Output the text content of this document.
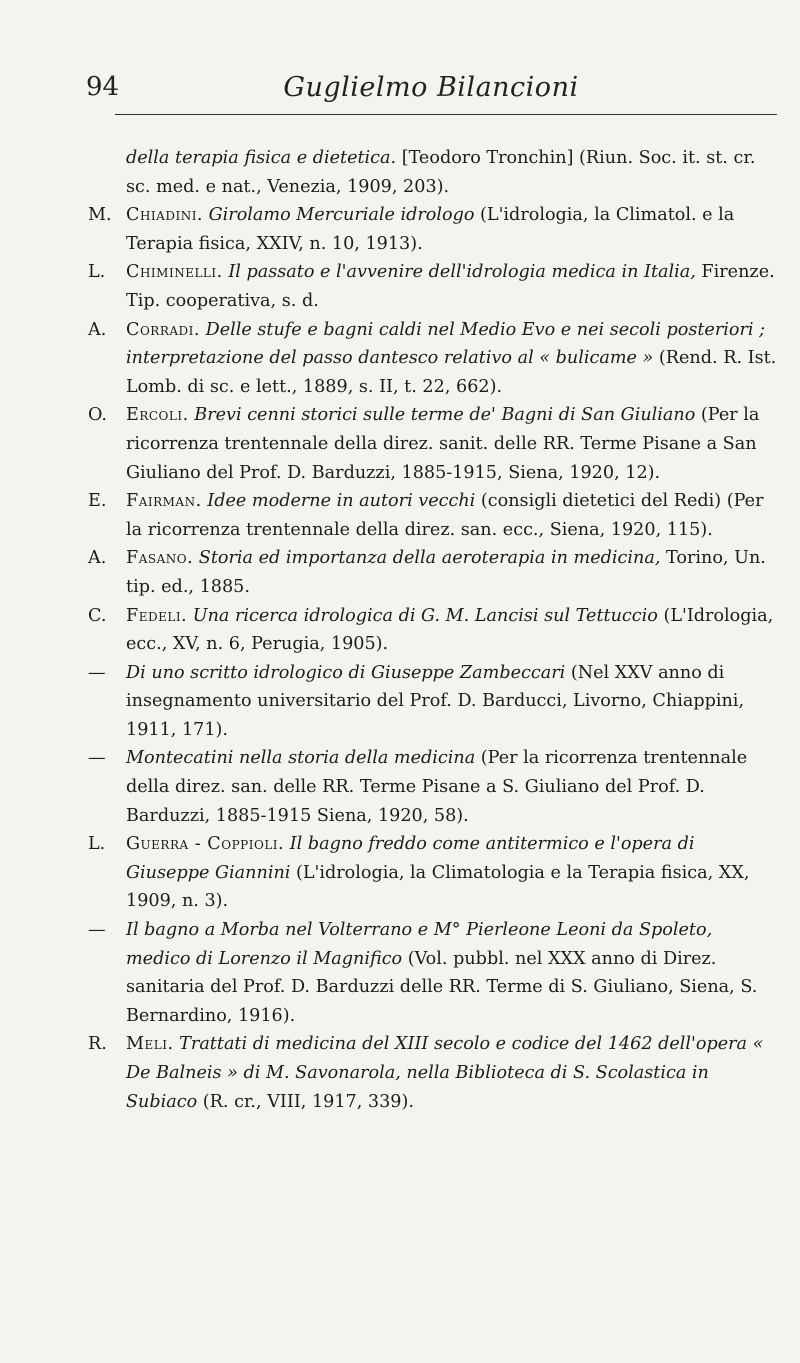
94	Guglielmo Bilancioni
della terapia fisica e dietetica. [Teodoro Tronchin] (Riun. Soc. it. st. cr. sc. med. e nat., Venezia, 1909, 203).
M. Chiadini. Girolamo Mercuriale idrologo (L'idrologia, la Climatol. e la Terapia fisica, XXIV, n. 10, 1913).
L. Chiminelli. Il passato e l'avvenire dell'idrologia medica in Italia, Firenze. Tip. cooperativa, s. d.
A. Corradi. Delle stufe e bagni caldi nel Medio Evo e nei secoli posteriori ; interpretazione del passo dantesco relativo al « bulicame » (Rend. R. Ist. Lomb. di sc. e lett., 1889, s. II, t. 22, 662).
O. Ercoli. Brevi cenni storici sulle terme de' Bagni di San Giuliano (Per la ricorrenza trentennale della direz. sanit. delle RR. Terme Pisane a San Giuliano del Prof. D. Barduzzi, 1885-1915, Siena, 1920, 12).
E. Fairman. Idee moderne in autori vecchi (consigli dietetici del Redi) (Per la ricorrenza trentennale della direz. san. ecc., Siena, 1920, 115).
A. Fasano. Storia ed importanza della aeroterapia in medicina, Torino, Un. tip. ed., 1885.
C. Fedeli. Una ricerca idrologica di G. M. Lancisi sul Tettuccio (L'Idrologia, ecc., XV, n. 6, Perugia, 1905).
— Di uno scritto idrologico di Giuseppe Zambeccari (Nel XXV anno di insegnamento universitario del Prof. D. Barducci, Livorno, Chiappini, 1911, 171).
— Montecatini nella storia della medicina (Per la ricorrenza trentennale della direz. san. delle RR. Terme Pisane a S. Giuliano del Prof. D. Barduzzi, 1885-1915 Siena, 1920, 58).
L. Guerra - Coppioli. Il bagno freddo come antitermico e l'opera di Giuseppe Giannini (L'idrologia, la Climatologia e la Terapia fisica, XX, 1909, n. 3).
— Il bagno a Morba nel Volterrano e M° Pierleone Leoni da Spoleto, medico di Lorenzo il Magnifico (Vol. pubbl. nel XXX anno di Direz. sanitaria del Prof. D. Barduzzi delle RR. Terme di S. Giuliano, Siena, S. Bernardino, 1916).
R. Meli. Trattati di medicina del XIII secolo e codice del 1462 dell'opera « De Balneis » di M. Savonarola, nella Biblioteca di S. Scolastica in Subiaco (R. cr., VIII, 1917, 339).
